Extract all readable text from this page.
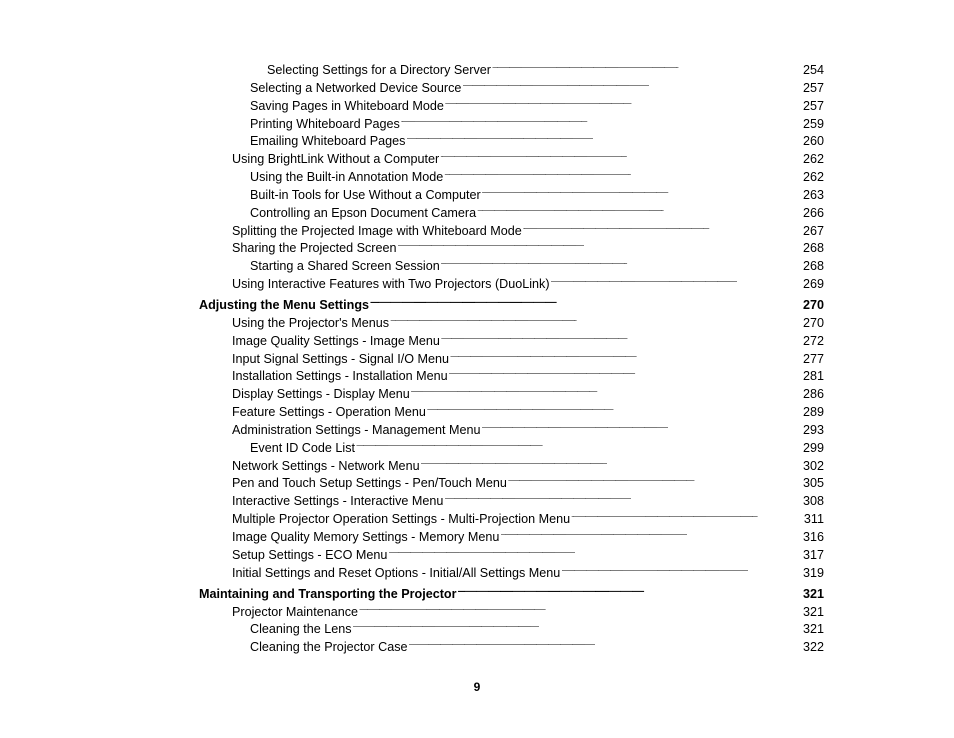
Selecting Settings for a Directory Server . . .	254
Selecting a Networked Device Source . . .	257
Saving Pages in Whiteboard Mode . . .	257
Printing Whiteboard Pages . . .	259
Emailing Whiteboard Pages . . .	260
Using BrightLink Without a Computer . . .	262
Using the Built-in Annotation Mode . . .	262
Built-in Tools for Use Without a Computer . . .	263
Controlling an Epson Document Camera . . .	266
Splitting the Projected Image with Whiteboard Mode . . .	267
Sharing the Projected Screen . . .	268
Starting a Shared Screen Session . . .	268
Using Interactive Features with Two Projectors (DuoLink) . . .	269
Adjusting the Menu Settings . . .	270
Using the Projector's Menus . . .	270
Image Quality Settings - Image Menu . . .	272
Input Signal Settings - Signal I/O Menu . . .	277
Installation Settings - Installation Menu . . .	281
Display Settings - Display Menu . . .	286
Feature Settings - Operation Menu . . .	289
Administration Settings - Management Menu . . .	293
Event ID Code List . . .	299
Network Settings - Network Menu . . .	302
Pen and Touch Setup Settings - Pen/Touch Menu . . .	305
Interactive Settings - Interactive Menu . . .	308
Multiple Projector Operation Settings - Multi-Projection Menu . . .	311
Image Quality Memory Settings - Memory Menu . . .	316
Setup Settings - ECO Menu . . .	317
Initial Settings and Reset Options - Initial/All Settings Menu . . .	319
Maintaining and Transporting the Projector . . .	321
Projector Maintenance . . .	321
Cleaning the Lens . . .	321
Cleaning the Projector Case . . .	322
9
